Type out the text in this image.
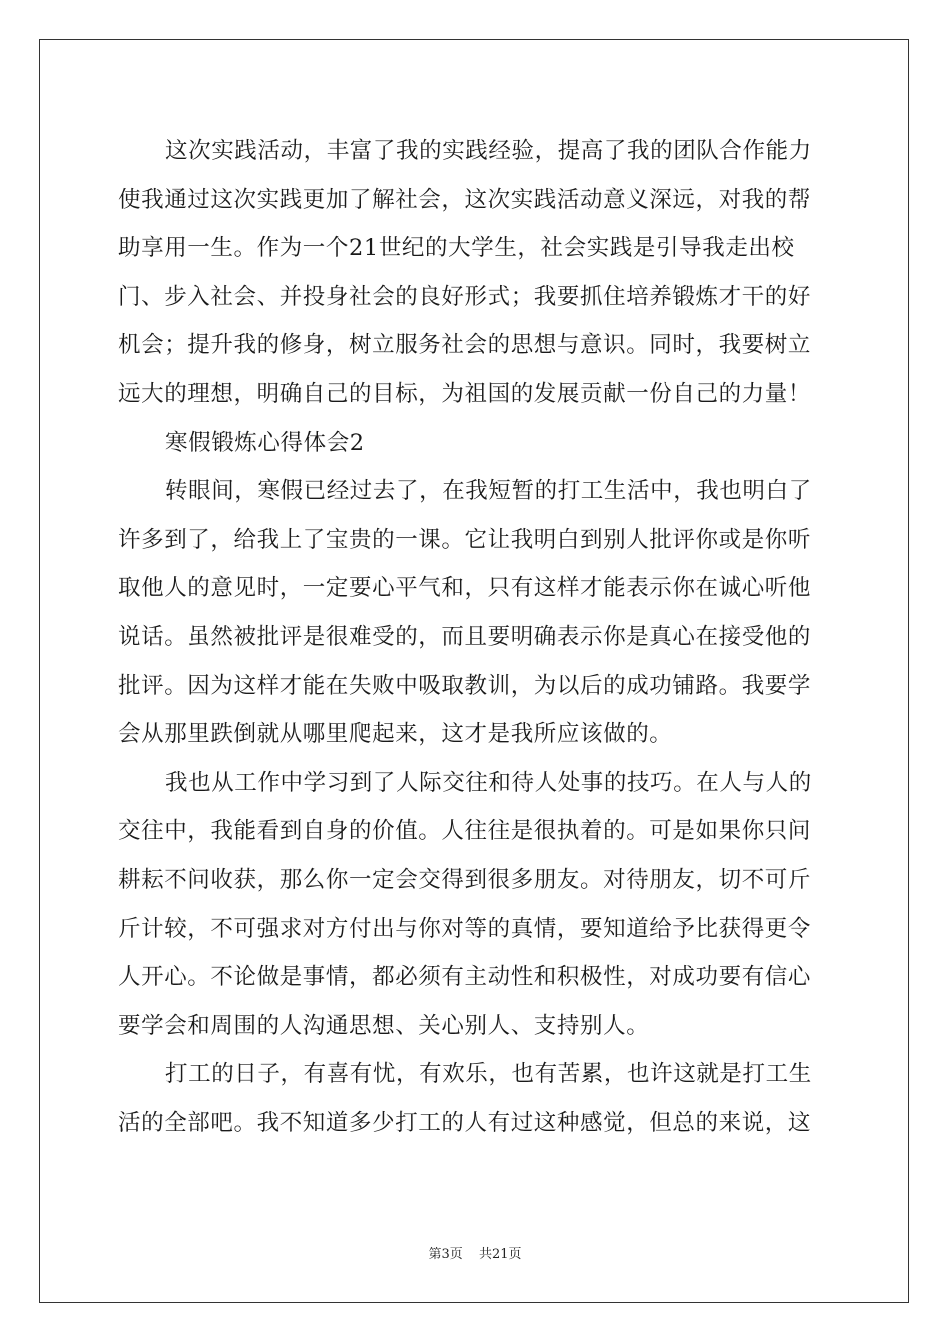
这次实践活动，丰富了我的实践经验，提高了我的团队合作能力
使我通过这次实践更加了解社会，这次实践活动意义深远，对我的帮
助享用一生。作为一个21世纪的大学生，社会实践是引导我走出校
门、步入社会、并投身社会的良好形式；我要抓住培养锻炼才干的好
机会；提升我的修身，树立服务社会的思想与意识。同时，我要树立
远大的理想，明确自己的目标，为祖国的发展贡献一份自己的力量！
寒假锻炼心得体会2
转眼间，寒假已经过去了，在我短暂的打工生活中，我也明白了
许多到了，给我上了宝贵的一课。它让我明白到别人批评你或是你听
取他人的意见时，一定要心平气和，只有这样才能表示你在诚心听他
说话。虽然被批评是很难受的，而且要明确表示你是真心在接受他的
批评。因为这样才能在失败中吸取教训，为以后的成功铺路。我要学
会从那里跌倒就从哪里爬起来，这才是我所应该做的。
我也从工作中学习到了人际交往和待人处事的技巧。在人与人的
交往中，我能看到自身的价值。人往往是很执着的。可是如果你只问
耕耘不问收获，那么你一定会交得到很多朋友。对待朋友，切不可斤
斤计较，不可强求对方付出与你对等的真情，要知道给予比获得更令
人开心。不论做是事情，都必须有主动性和积极性，对成功要有信心
要学会和周围的人沟通思想、关心别人、支持别人。
打工的日子，有喜有忧，有欢乐，也有苦累，也许这就是打工生
活的全部吧。我不知道多少打工的人有过这种感觉，但总的来说，这
第3页 共21页
